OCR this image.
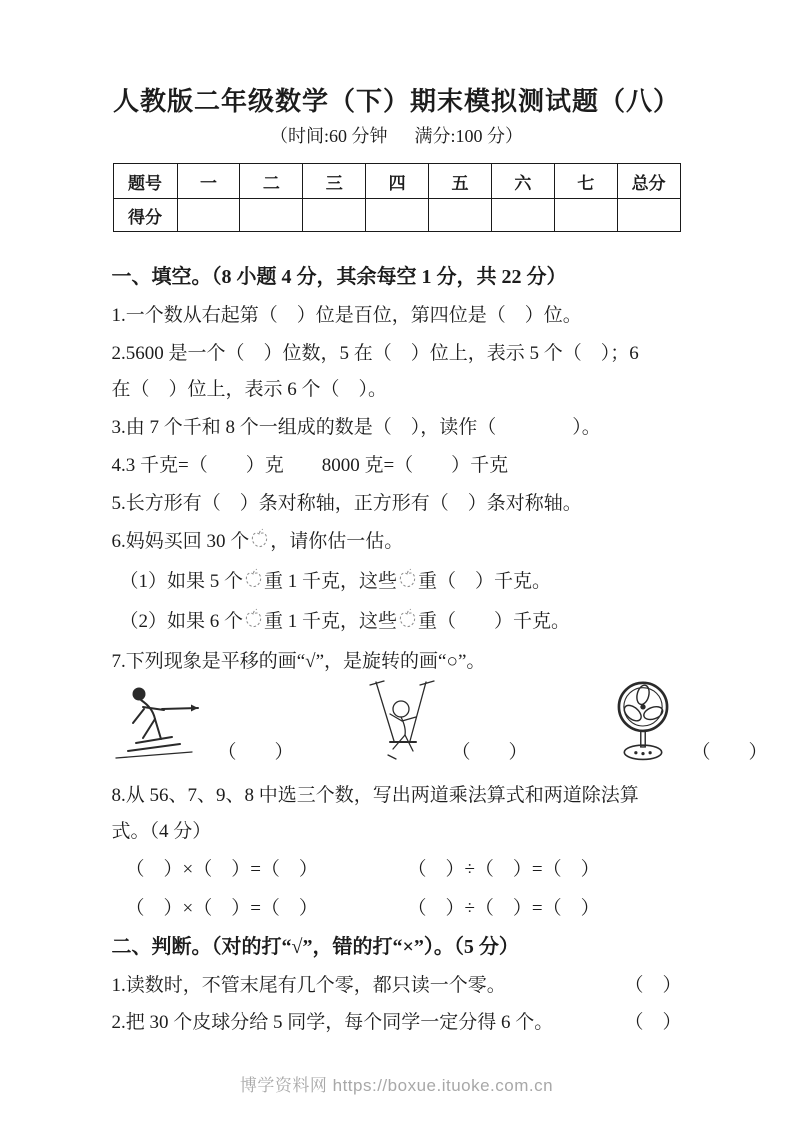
人教版二年级数学（下）期末模拟测试题（八）
（时间:60 分钟      满分:100 分）
题号	一	二	三	四	五	六	七	总分
得分								
一、填空。（8 小题 4 分，其余每空 1 分，共 22 分）
1.一个数从右起第（　）位是百位，第四位是（　）位。
2.5600 是一个（　）位数，5 在（　）位上，表示 5 个（　）；6
在（　）位上，表示 6 个（　）。
3.由 7 个千和 8 个一组成的数是（　），读作（　　　　）。
4.3 千克=（　　）克　　8000 克=（　　）千克
5.长方形有（　）条对称轴，正方形有（　）条对称轴。
6.妈妈买回 30 个 ，请你估一估。
（1）如果 5 个 重 1 千克，这些 重（　）千克。
（2）如果 6 个 重 1 千克，这些 重（　　）千克。
7.下列现象是平移的画“√”，是旋转的画“○”。
（　　）	（　　）	（　　）
8.从 56、7、9、8 中选三个数，写出两道乘法算式和两道除法算
式。（4 分）
（　）×（　）=（　）	（　）÷（　）=（　）
（　）×（　）=（　）	（　）÷（　）=（　）
二、判断。（对的打“√”，错的打“×”）。（5 分）
1.读数时，不管末尾有几个零，都只读一个零。	（　）
2.把 30 个皮球分给 5 同学，每个同学一定分得 6 个。	（　）
博学资料网 https://boxue.ituoke.com.cn
